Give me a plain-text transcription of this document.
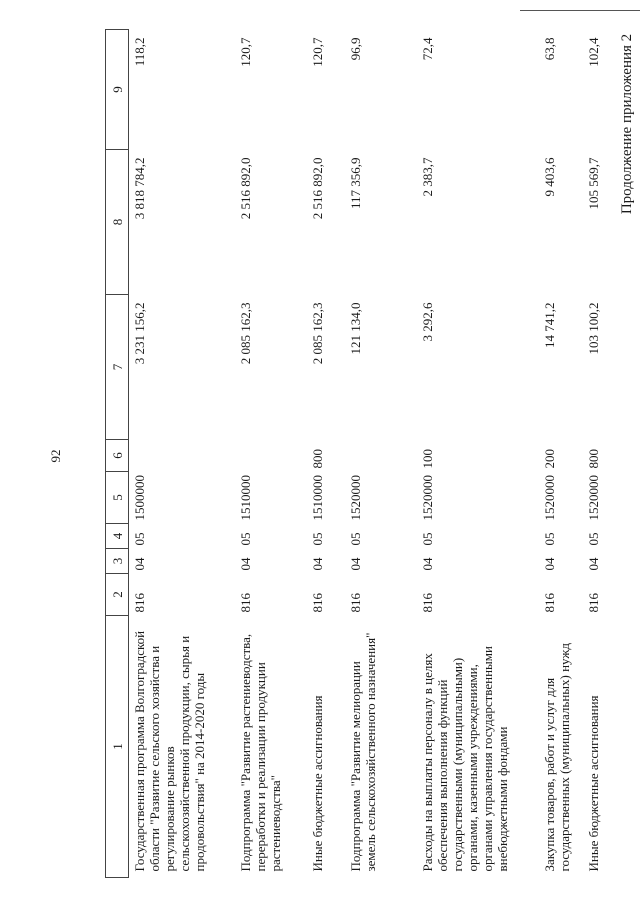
92
Продолжение приложения 2
1	2	3	4	5	6	7	8	9
Государственная программа Волгоградской области "Развитие сельского хозяйства и регулирование рынков сельскохозяйственной продукции, сырья и продовольствия" на 2014-2020 годы	816	04	05	1500000		3 231 156,2	3 818 784,2	118,2
Подпрограмма "Развитие растениеводства, переработки и реализации продукции растениеводства"	816	04	05	1510000		2 085 162,3	2 516 892,0	120,7
Иные бюджетные ассигнования	816	04	05	1510000	800	2 085 162,3	2 516 892,0	120,7
Подпрограмма "Развитие мелиорации земель сельскохозяйственного назначения"	816	04	05	1520000		121 134,0	117 356,9	96,9
Расходы на выплаты персоналу в целях обеспечения выполнения функций государственными (муниципальными) органами, казенными учреждениями, органами управления государственными внебюджетными фондами	816	04	05	1520000	100	3 292,6	2 383,7	72,4
Закупка товаров, работ и услуг для государственных (муниципальных) нужд	816	04	05	1520000	200	14 741,2	9 403,6	63,8
Иные бюджетные ассигнования	816	04	05	1520000	800	103 100,2	105 569,7	102,4
